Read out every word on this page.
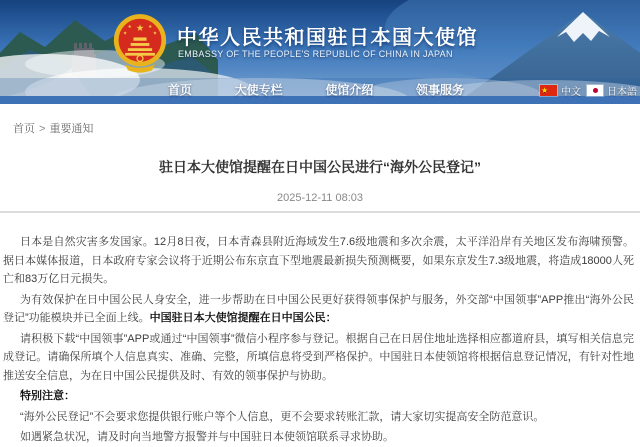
★
★	★
★	★ 中华人民共和国驻日本国大使馆
EMBASSY OF THE PEOPLE'S REPUBLIC OF CHINA IN JAPAN
首页	大使专栏	使馆介绍	领事服务	★	中文	日本語
首页 > 重要通知
驻日本大使馆提醒在日中国公民进行“海外公民登记”
2025-12-11 08:03

日本是自然灾害多发国家。12月8日夜，日本青森县附近海域发生7.6级地震和多次余震，太平洋沿岸有关地区发布海啸预警。据日本媒体报道，日本政府专家会议将于近期公布东京直下型地震最新损失预测概要，如果东京发生7.3级地震，将造成18000人死亡和83万亿日元损失。

为有效保护在日中国公民人身安全，进一步帮助在日中国公民更好获得领事保护与服务，外交部“中国领事”APP推出“海外公民登记”功能模块并已全面上线。中国驻日本大使馆提醒在日中国公民：

请积极下载“中国领事”APP或通过“中国领事”微信小程序参与登记。根据自己在日居住地址选择相应都道府县，填写相关信息完成登记。请确保所填个人信息真实、准确、完整，所填信息将受到严格保护。中国驻日本使领馆将根据信息登记情况，有针对性地推送安全信息，为在日中国公民提供及时、有效的领事保护与协助。

特别注意：

“海外公民登记”不会要求您提供银行账户等个人信息，更不会要求转账汇款，请大家切实提高安全防范意识。

如遇紧急状况，请及时向当地警方报警并与中国驻日本使领馆联系寻求协助。
